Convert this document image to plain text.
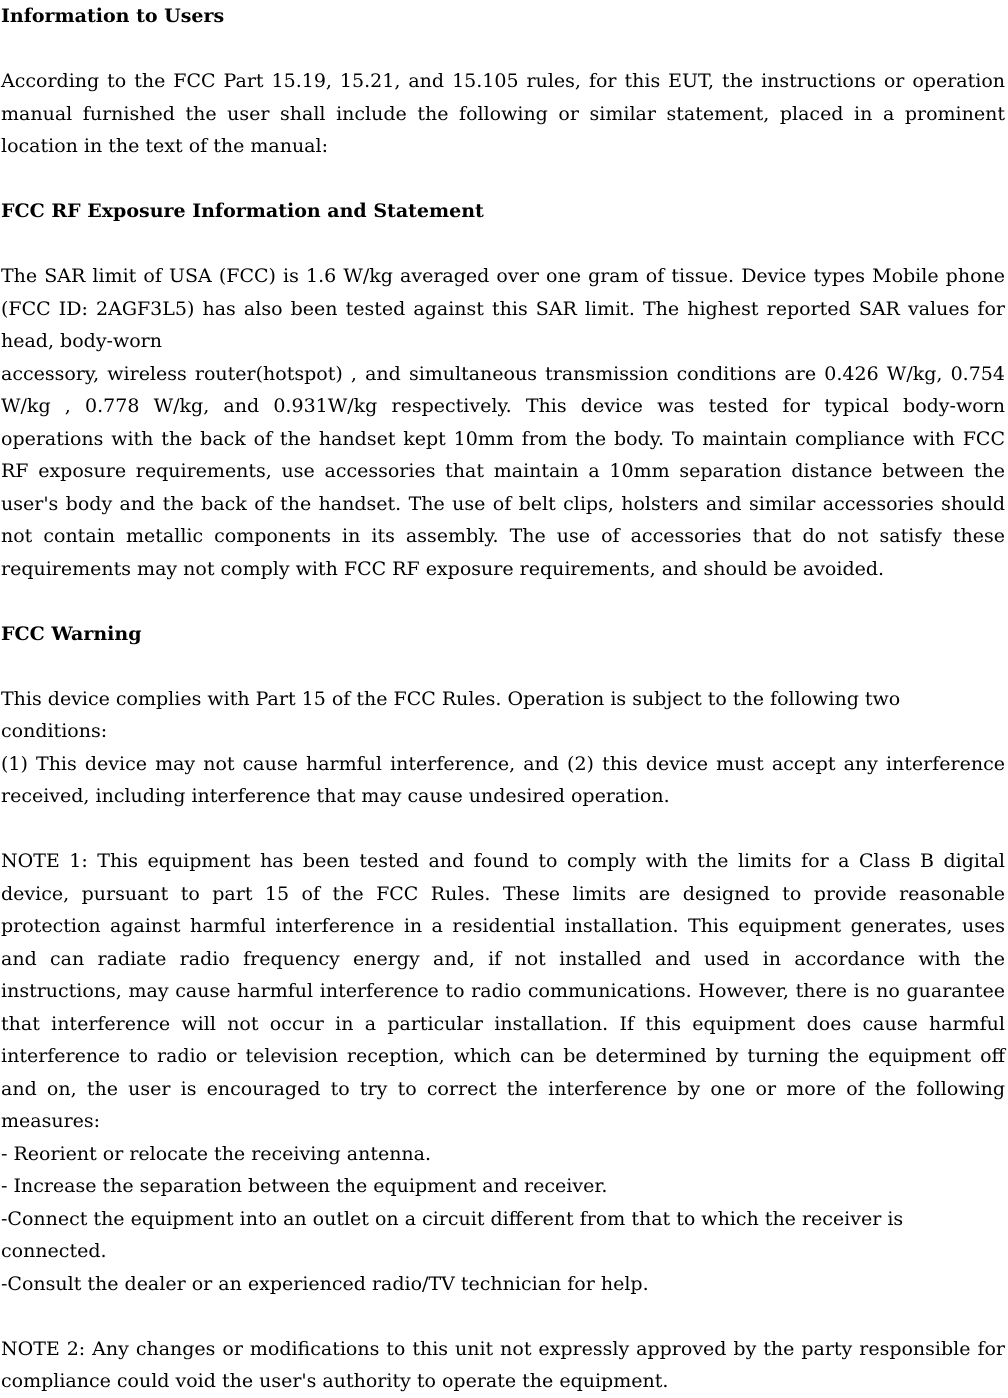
Information to Users

According to the FCC Part 15.19, 15.21, and 15.105 rules, for this EUT, the instructions or operation manual furnished the user shall include the following or similar statement, placed in a prominent location in the text of the manual:

FCC RF Exposure Information and Statement

The SAR limit of USA (FCC) is 1.6 W/kg averaged over one gram of tissue. Device types Mobile phone (FCC ID: 2AGF3L5) has also been tested against this SAR limit. The highest reported SAR values for head, body-worn

accessory, wireless router(hotspot) , and simultaneous transmission conditions are 0.426 W/kg, 0.754 W/kg , 0.778 W/kg, and 0.931W/kg respectively. This device was tested for typical body-worn operations with the back of the handset kept 10mm from the body. To maintain compliance with FCC RF exposure requirements, use accessories that maintain a 10mm separation distance between the user's body and the back of the handset. The use of belt clips, holsters and similar accessories should not contain metallic components in its assembly. The use of accessories that do not satisfy these requirements may not comply with FCC RF exposure requirements, and should be avoided.

FCC Warning

This device complies with Part 15 of the FCC Rules. Operation is subject to the following two conditions:

(1) This device may not cause harmful interference, and (2) this device must accept any interference received, including interference that may cause undesired operation.

NOTE 1: This equipment has been tested and found to comply with the limits for a Class B digital device, pursuant to part 15 of the FCC Rules. These limits are designed to provide reasonable protection against harmful interference in a residential installation. This equipment generates, uses and can radiate radio frequency energy and, if not installed and used in accordance with the instructions, may cause harmful interference to radio communications. However, there is no guarantee that interference will not occur in a particular installation. If this equipment does cause harmful interference to radio or television reception, which can be determined by turning the equipment off and on, the user is encouraged to try to correct the interference by one or more of the following measures:

- Reorient or relocate the receiving antenna.

- Increase the separation between the equipment and receiver.

-Connect the equipment into an outlet on a circuit different from that to which the receiver is connected.

-Consult the dealer or an experienced radio/TV technician for help.

NOTE 2: Any changes or modifications to this unit not expressly approved by the party responsible for compliance could void the user's authority to operate the equipment.
